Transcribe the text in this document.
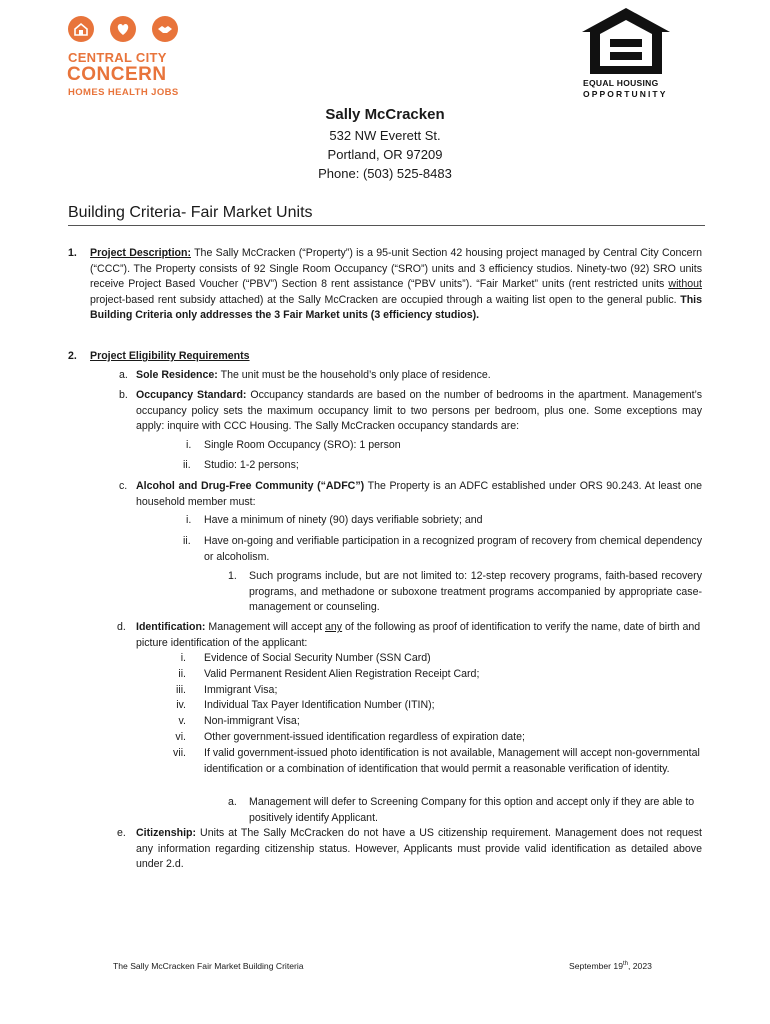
CENTRAL CITY
CONCERN
HOMES HEALTH JOBS
EQUAL HOUSING
OPPORTUNITY
Sally McCracken
532 NW Everett St.
Portland, OR 97209
Phone: (503) 525-8483
Building Criteria- Fair Market Units
1.	Project Description: The Sally McCracken (“Property”) is a 95-unit Section 42 housing project managed by Central City Concern (“CCC”). The Property consists of 92 Single Room Occupancy (“SRO”) units and 3 efficiency studios. Ninety-two (92) SRO units receive Project Based Voucher (“PBV”) Section 8 rent assistance (“PBV units”). “Fair Market” units (rent restricted units without project-based rent subsidy attached) at the Sally McCracken are occupied through a waiting list open to the general public. This Building Criteria only addresses the 3 Fair Market units (3 efficiency studios).
2.	Project Eligibility Requirements
a. Sole Residence: The unit must be the household’s only place of residence.
b. Occupancy Standard: Occupancy standards are based on the number of bedrooms in the apartment. Management’s occupancy policy sets the maximum occupancy limit to two persons per bedroom, plus one. Some exceptions may apply: inquire with CCC Housing. The Sally McCracken occupancy standards are:
i. Single Room Occupancy (SRO): 1 person
ii. Studio: 1-2 persons;
c. Alcohol and Drug-Free Community (“ADFC”) The Property is an ADFC established under ORS 90.243. At least one household member must:
i. Have a minimum of ninety (90) days verifiable sobriety; and
ii. Have on-going and verifiable participation in a recognized program of recovery from chemical dependency or alcoholism.
1. Such programs include, but are not limited to: 12-step recovery programs, faith-based recovery programs, and methadone or suboxone treatment programs accompanied by appropriate case-management or counseling.
d. Identification: Management will accept any of the following as proof of identification to verify the name, date of birth and picture identification of the applicant:
i. Evidence of Social Security Number (SSN Card)
ii. Valid Permanent Resident Alien Registration Receipt Card;
iii. Immigrant Visa;
iv. Individual Tax Payer Identification Number (ITIN);
v. Non-immigrant Visa;
vi. Other government-issued identification regardless of expiration date;
vii. If valid government-issued photo identification is not available, Management will accept non-governmental identification or a combination of identification that would permit a reasonable verification of identity.
a. Management will defer to Screening Company for this option and accept only if they are able to positively identify Applicant.
e. Citizenship: Units at The Sally McCracken do not have a US citizenship requirement. Management does not request any information regarding citizenship status. However, Applicants must provide valid identification as detailed above under 2.d.
The Sally McCracken Fair Market Building Criteria	September 19th, 2023
